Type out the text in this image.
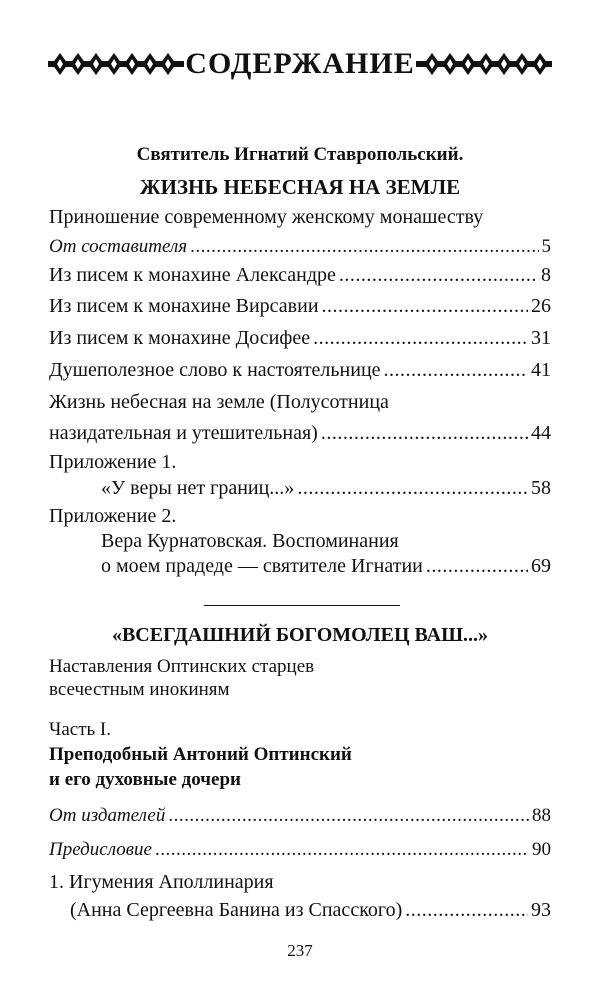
СОДЕРЖАНИЕ
Святитель Игнатий Ставропольский.
ЖИЗНЬ НЕБЕСНАЯ НА ЗЕМЛЕ
Приношение современному женскому монашеству
От составителя .....	5
Из писем к монахине Александре .....	8
Из писем к монахине Вирсавии .....	26
Из писем к монахине Досифее .....	31
Душеполезное слово к настоятельнице .....	41
Жизнь небесная на земле (Полусотница
назидательная и утешительная) .....	44
Приложение 1.
«У веры нет границ...» .....	58
Приложение 2.
Вера Курнатовская. Воспоминания
о моем прадеде — святителе Игнатии .....	69
«ВСЕГДАШНИЙ БОГОМОЛЕЦ ВАШ...»
Наставления Оптинских старцев
всечестным инокиням
Часть I.
Преподобный Антоний Оптинский
и его духовные дочери
От издателей .....	88
Предисловие .....	90
1. Игумения Аполлинария
(Анна Сергеевна Банина из Спасского) .....	93
237
